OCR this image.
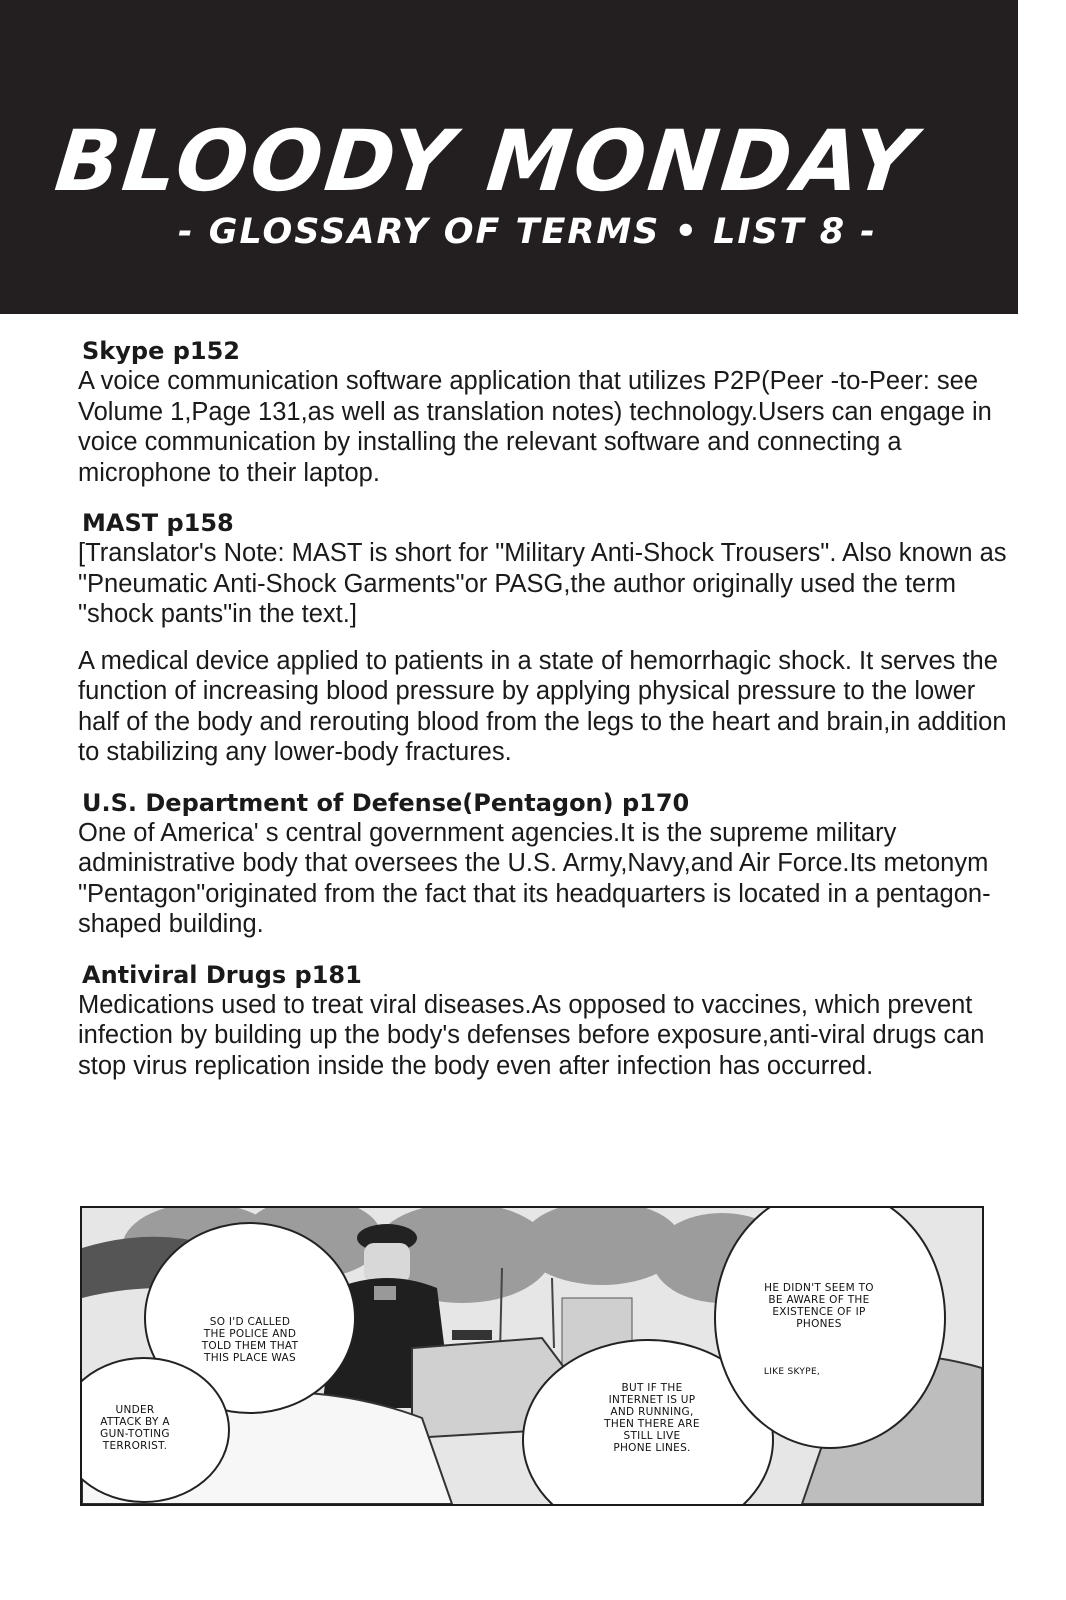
BLOODY MONDAY
- GLOSSARY OF TERMS • LIST 8 -
Skype p152

A voice communication software application that utilizes P2P(Peer -to-Peer: see Volume 1,Page 131,as well as translation notes) technology.Users can engage in voice communication by installing the relevant software and connecting a microphone to their laptop.

MAST p158

[Translator's Note: MAST is short for "Military Anti-Shock Trousers". Also known as "Pneumatic Anti-Shock Garments"or PASG,the author originally used the term "shock pants"in the text.]

A medical device applied to patients in a state of hemorrhagic shock. It serves the function of increasing blood pressure by applying physical pressure to the lower half of the body and rerouting blood from the legs to the heart and brain,in addition to stabilizing any lower-body fractures.

U.S. Department of Defense(Pentagon) p170

One of America' s central government agencies.It is the supreme military administrative body that oversees the U.S. Army,Navy,and Air Force.Its metonym "Pentagon"originated from the fact that its headquarters is located in a pentagon-shaped building.

Antiviral Drugs p181

Medications used to treat viral diseases.As opposed to vaccines, which prevent infection by building up the body's defenses before exposure,anti-viral drugs can stop virus replication inside the body even after infection has occurred.

SO I'D CALLED THE POLICE AND TOLD THEM THAT THIS PLACE WAS
UNDER ATTACK BY A GUN-TOTING TERRORIST.
BUT IF THE INTERNET IS UP AND RUNNING, THEN THERE ARE STILL LIVE PHONE LINES.
HE DIDN'T SEEM TO BE AWARE OF THE EXISTENCE OF IP PHONES
LIKE SKYPE,
